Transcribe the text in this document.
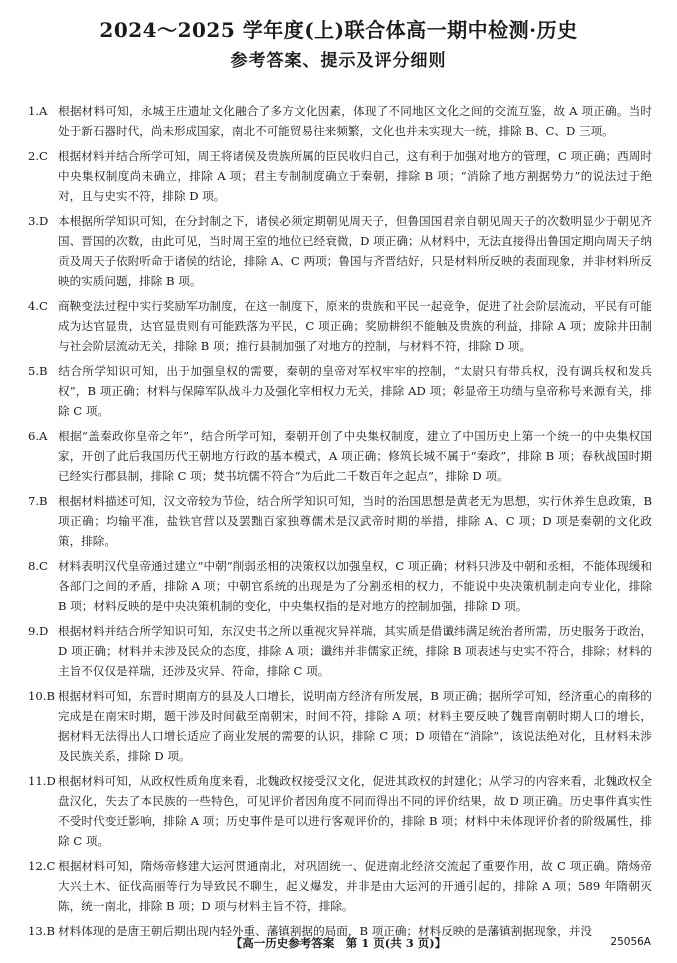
2024～2025 学年度(上)联合体高一期中检测·历史
参考答案、提示及评分细则

1.A 根据材料可知，永城王庄遗址文化融合了多方文化因素，体现了不同地区文化之间的交流互鉴，故 A 项正确。当时处于新石器时代，尚未形成国家，南北不可能贸易往来频繁，文化也并未实现大一统，排除 B、C、D 三项。

2.C 根据材料并结合所学可知，周王将诸侯及贵族所属的臣民收归自己，这有利于加强对地方的管理，C 项正确；西周时中央集权制度尚未确立，排除 A 项；君主专制制度确立于秦朝，排除 B 项；“消除了地方割据势力”的说法过于绝对，且与史实不符，排除 D 项。

3.D 本根据所学知识可知，在分封制之下，诸侯必须定期朝见周天子，但鲁国国君亲自朝见周天子的次数明显少于朝见齐国、晋国的次数，由此可见，当时周王室的地位已经衰微，D 项正确；从材料中，无法直接得出鲁国定期向周天子纳贡及周天子依附听命于诸侯的结论，排除 A、C 两项；鲁国与齐晋结好，只是材料所反映的表面现象，并非材料所反映的实质问题，排除 B 项。

4.C 商鞅变法过程中实行奖励军功制度，在这一制度下，原来的贵族和平民一起竞争，促进了社会阶层流动，平民有可能成为达官显贵，达官显贵则有可能跌落为平民，C 项正确；奖励耕织不能触及贵族的利益，排除 A 项；废除井田制与社会阶层流动无关，排除 B 项；推行县制加强了对地方的控制，与材料不符，排除 D 项。

5.B 结合所学知识可知，出于加强皇权的需要，秦朝的皇帝对军权牢牢的控制，“太尉只有带兵权，没有调兵权和发兵权”，B 项正确；材料与保障军队战斗力及强化宰相权力无关，排除 AD 项；彰显帝王功绩与皇帝称号来源有关，排除 C 项。

6.A 根据“盖秦政你皇帝之年”，结合所学可知，秦朝开创了中央集权制度，建立了中国历史上第一个统一的中央集权国家，开创了此后我国历代王朝地方行政的基本模式，A 项正确；修筑长城不属于“秦政”，排除 B 项；春秋战国时期已经实行郡县制，排除 C 项；焚书坑儒不符合“为后此二千数百年之起点”，排除 D 项。

7.B 根据材料描述可知，汉文帝较为节俭，结合所学知识可知，当时的治国思想是黄老无为思想，实行休养生息政策，B 项正确；均输平准，盐铁官营以及罢黜百家独尊儒术是汉武帝时期的举措，排除 A、C 项；D 项是秦朝的文化政策，排除。

8.C 材料表明汉代皇帝通过建立“中朝”削弱丞相的决策权以加强皇权，C 项正确；材料只涉及中朝和丞相，不能体现缓和各部门之间的矛盾，排除 A 项；中朝官系统的出现是为了分割丞相的权力，不能说中央决策机制走向专业化，排除 B 项；材料反映的是中央决策机制的变化，中央集权指的是对地方的控制加强，排除 D 项。

9.D 根据材料并结合所学知识可知，东汉史书之所以重视灾异祥瑞，其实质是借谶纬满足统治者所需，历史服务于政治，D 项正确；材料并未涉及民众的态度，排除 A 项；谶纬并非儒家正统，排除 B 项表述与史实不符合，排除；材料的主旨不仅仅是祥瑞，还涉及灾异、符命，排除 C 项。

10.B 根据材料可知，东晋时期南方的县及人口增长，说明南方经济有所发展，B 项正确；据所学可知，经济重心的南移的完成是在南宋时期，题干涉及时间截至南朝宋，时间不符，排除 A 项；材料主要反映了魏晋南朝时期人口的增长，据材料无法得出人口增长适应了商业发展的需要的认识，排除 C 项；D 项错在“消除”，该说法绝对化，且材料未涉及民族关系，排除 D 项。

11.D 根据材料可知，从政权性质角度来看，北魏政权接受汉文化，促进其政权的封建化；从学习的内容来看，北魏政权全盘汉化，失去了本民族的一些特色，可见评价者因角度不同而得出不同的评价结果，故 D 项正确。历史事件真实性不受时代变迁影响，排除 A 项；历史事件是可以进行客观评价的，排除 B 项；材料中未体现评价者的阶级属性，排除 C 项。

12.C 根据材料可知，隋炀帝修建大运河贯通南北，对巩固统一、促进南北经济交流起了重要作用，故 C 项正确。隋炀帝大兴土木、征伐高丽等行为导致民不聊生，起义爆发，并非是由大运河的开通引起的，排除 A 项；589 年隋朝灭陈，统一南北，排除 B 项；D 项与材料主旨不符，排除。

13.B 材料体现的是唐王朝后期出现内轻外重、藩镇割据的局面，B 项正确；材料反映的是藩镇割据现象，并没

【高一历史参考答案　第 1 页(共 3 页)】	25056A
